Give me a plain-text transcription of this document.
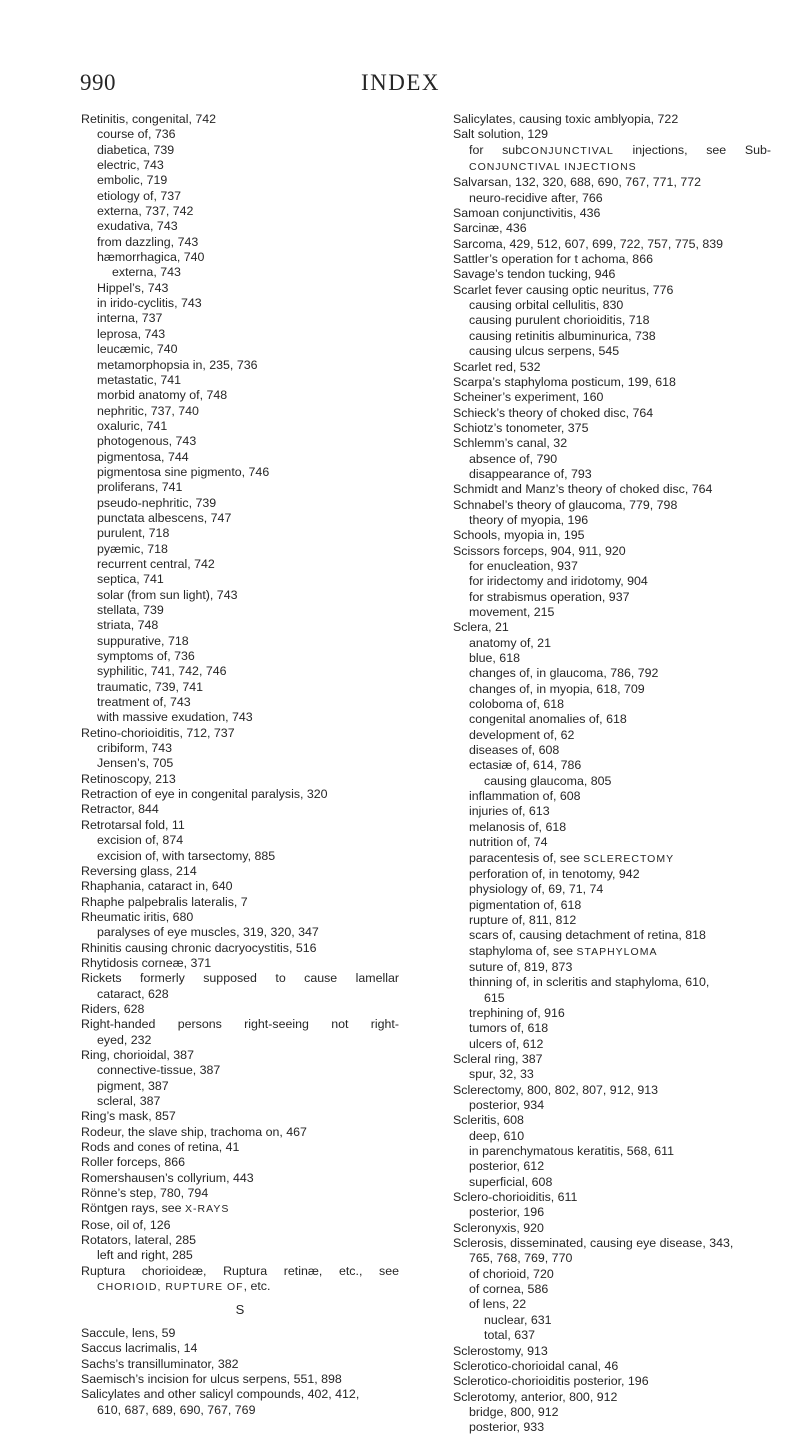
990	INDEX
Retinitis, congenital, 742
course of, 736
diabetica, 739
electric, 743
embolic, 719
etiology of, 737
externa, 737, 742
exudativa, 743
from dazzling, 743
hæmorrhagica, 740
externa, 743
Hippel’s, 743
in irido-cyclitis, 743
interna, 737
leprosa, 743
leucæmic, 740
metamorphopsia in, 235, 736
metastatic, 741
morbid anatomy of, 748
nephritic, 737, 740
oxaluric, 741
photogenous, 743
pigmentosa, 744
pigmentosa sine pigmento, 746
proliferans, 741
pseudo-nephritic, 739
punctata albescens, 747
purulent, 718
pyæmic, 718
recurrent central, 742
septica, 741
solar (from sun light), 743
stellata, 739
striata, 748
suppurative, 718
symptoms of, 736
syphilitic, 741, 742, 746
traumatic, 739, 741
treatment of, 743
with massive exudation, 743
Retino-chorioiditis, 712, 737
cribiform, 743
Jensen’s, 705
Retinoscopy, 213
Retraction of eye in congenital paralysis, 320
Retractor, 844
Retrotarsal fold, 11
excision of, 874
excision of, with tarsectomy, 885
Reversing glass, 214
Rhaphania, cataract in, 640
Rhaphe palpebralis lateralis, 7
Rheumatic iritis, 680
paralyses of eye muscles, 319, 320, 347
Rhinitis causing chronic dacryocystitis, 516
Rhytidosis corneæ, 371
Rickets formerly supposed to cause lamellar
cataract, 628
Riders, 628
Right-handed persons right-seeing not right-
eyed, 232
Ring, chorioidal, 387
connective-tissue, 387
pigment, 387
scleral, 387
Ring’s mask, 857
Rodeur, the slave ship, trachoma on, 467
Rods and cones of retina, 41
Roller forceps, 866
Romershausen’s collyrium, 443
Rönne’s step, 780, 794
Röntgen rays, see X-RAYS
Rose, oil of, 126
Rotators, lateral, 285
left and right, 285
Ruptura chorioideæ, Ruptura retinæ, etc., see
CHORIOID, RUPTURE OF, etc.
S
Saccule, lens, 59
Saccus lacrimalis, 14
Sachs’s transilluminator, 382
Saemisch’s incision for ulcus serpens, 551, 898
Salicylates and other salicyl compounds, 402, 412,
610, 687, 689, 690, 767, 769
Salicylates, causing toxic amblyopia, 722
Salt solution, 129
for subCONJUNCTIVAL injections, see Sub-
CONJUNCTIVAL INJECTIONS
Salvarsan, 132, 320, 688, 690, 767, 771, 772
neuro-recidive after, 766
Samoan conjunctivitis, 436
Sarcinæ, 436
Sarcoma, 429, 512, 607, 699, 722, 757, 775, 839
Sattler’s operation for t achoma, 866
Savage’s tendon tucking, 946
Scarlet fever causing optic neuritus, 776
causing orbital cellulitis, 830
causing purulent chorioiditis, 718
causing retinitis albuminurica, 738
causing ulcus serpens, 545
Scarlet red, 532
Scarpa’s staphyloma posticum, 199, 618
Scheiner’s experiment, 160
Schieck’s theory of choked disc, 764
Schiotz’s tonometer, 375
Schlemm’s canal, 32
absence of, 790
disappearance of, 793
Schmidt and Manz’s theory of choked disc, 764
Schnabel’s theory of glaucoma, 779, 798
theory of myopia, 196
Schools, myopia in, 195
Scissors forceps, 904, 911, 920
for enucleation, 937
for iridectomy and iridotomy, 904
for strabismus operation, 937
movement, 215
Sclera, 21
anatomy of, 21
blue, 618
changes of, in glaucoma, 786, 792
changes of, in myopia, 618, 709
coloboma of, 618
congenital anomalies of, 618
development of, 62
diseases of, 608
ectasiæ of, 614, 786
causing glaucoma, 805
inflammation of, 608
injuries of, 613
melanosis of, 618
nutrition of, 74
paracentesis of, see SCLERECTOMY
perforation of, in tenotomy, 942
physiology of, 69, 71, 74
pigmentation of, 618
rupture of, 811, 812
scars of, causing detachment of retina, 818
staphyloma of, see STAPHYLOMA
suture of, 819, 873
thinning of, in scleritis and staphyloma, 610,
615
trephining of, 916
tumors of, 618
ulcers of, 612
Scleral ring, 387
spur, 32, 33
Sclerectomy, 800, 802, 807, 912, 913
posterior, 934
Scleritis, 608
deep, 610
in parenchymatous keratitis, 568, 611
posterior, 612
superficial, 608
Sclero-chorioiditis, 611
posterior, 196
Scleronyxis, 920
Sclerosis, disseminated, causing eye disease, 343,
765, 768, 769, 770
of chorioid, 720
of cornea, 586
of lens, 22
nuclear, 631
total, 637
Sclerostomy, 913
Sclerotico-chorioidal canal, 46
Sclerotico-chorioiditis posterior, 196
Sclerotomy, anterior, 800, 912
bridge, 800, 912
posterior, 933
